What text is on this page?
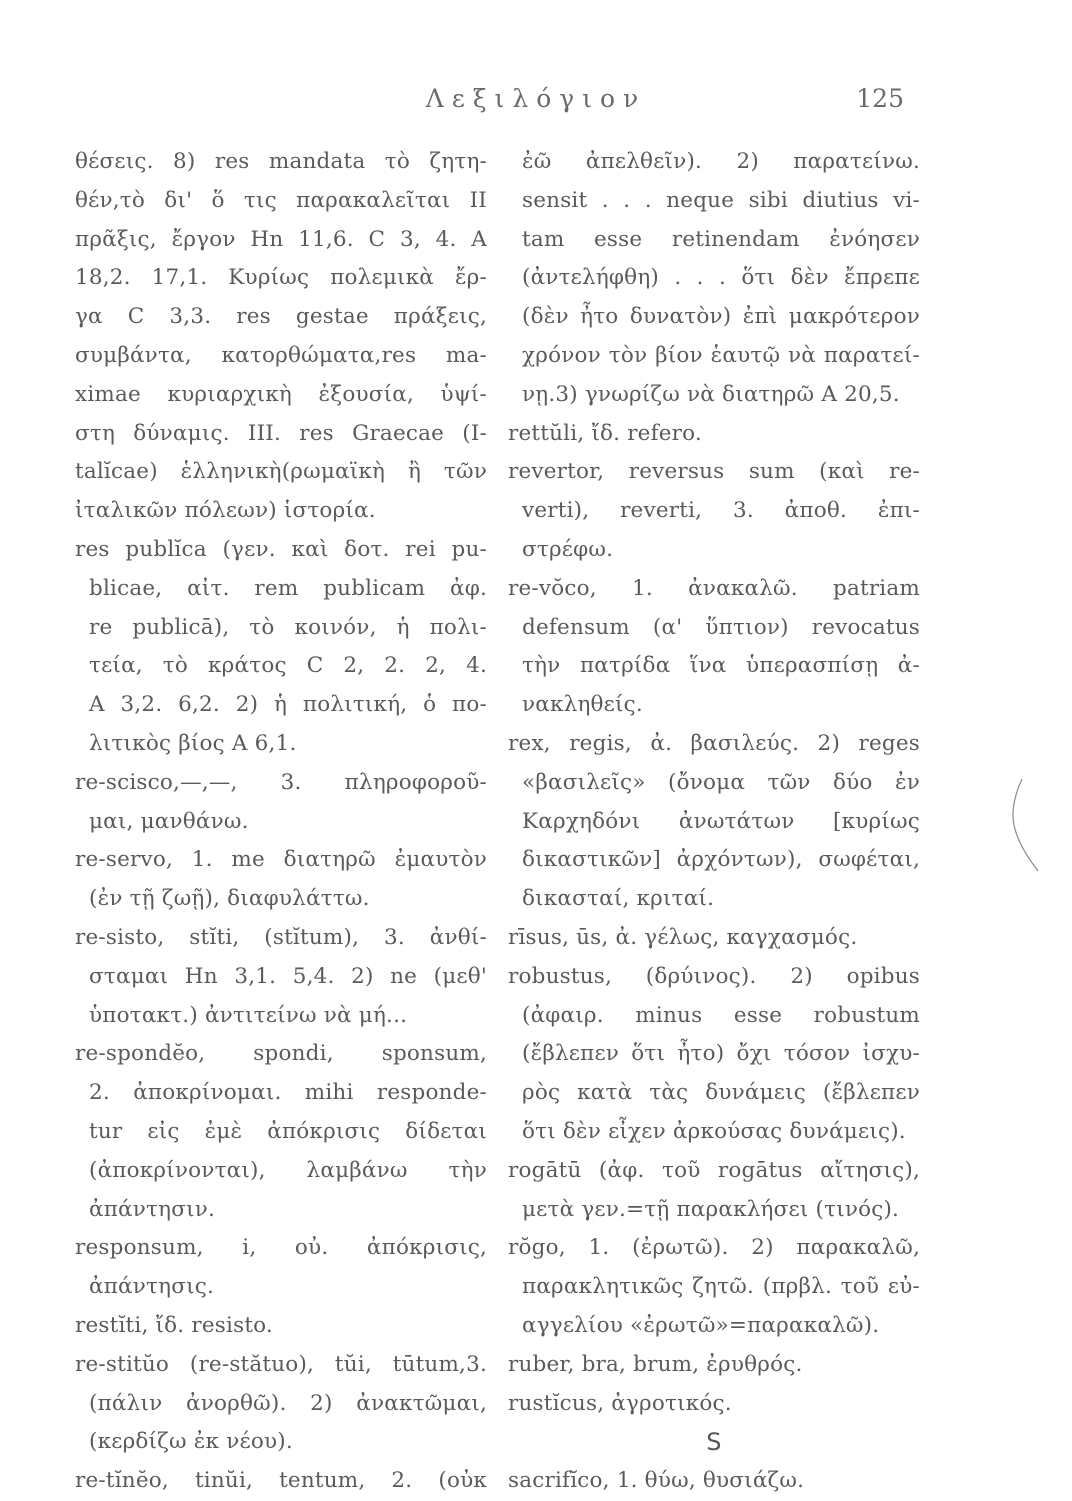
Λεξιλόγιον	125
θέσεις. 8) res mandata τὸ ζητη-
θέν,τὸ δι' ὅ τις παρακαλεῖται II
πρᾶξις, ἔργον Hn 11,6. C 3, 4. A
18,2. 17,1. Κυρίως πολεμικὰ ἔρ-
γα C 3,3. res gestae πράξεις,
συμβάντα, κατορθώματα,res ma-
ximae κυριαρχικὴ ἐξουσία, ὑψί-
στη δύναμις. III. res Graecae (I-
talĭcae) ἑλληνικὴ(ρωμαϊκὴ ἢ τῶν
ἰταλικῶν πόλεων) ἱστορία.
res publĭca (γεν. καὶ δοτ. rei pu-
blicae, αἰτ. rem publicam ἀφ.
re publicā), τὸ κοινόν, ἡ πολι-
τεία, τὸ κράτος C 2, 2. 2, 4.
A 3,2. 6,2. 2) ἡ πολιτική, ὁ πο-
λιτικὸς βίος A 6,1.
re-scisco,—,—, 3. πληροφοροῦ-
μαι, μανθάνω.
re-servo, 1. me διατηρῶ ἐμαυτὸν
(ἐν τῇ ζωῇ), διαφυλάττω.
re-sisto, stĭti, (stĭtum), 3. ἀνθί-
σταμαι Hn 3,1. 5,4. 2) ne (μεθ'
ὑποτακτ.) ἀντιτείνω νὰ μή...
re-spondĕo, spondi, sponsum,
2. ἀποκρίνομαι. mihi responde-
tur εἰς ἐμὲ ἀπόκρισις δίδεται
(ἀποκρίνονται), λαμβάνω τὴν
ἀπάντησιν.
responsum, i, οὐ. ἀπόκρισις,
ἀπάντησις.
restĭti, ἴδ. resisto.
re-stitŭo (re-stătuo), tŭi, tūtum,3.
(πάλιν ἀνορθῶ). 2) ἀνακτῶμαι,
(κερδίζω ἐκ νέου).
re-tĭnĕo, tinŭi, tentum, 2. (οὐκ
ἐῶ ἀπελθεῖν). 2) παρατείνω.
sensit . . . neque sibi diutius vi-
tam esse retinendam ἐνόησεν
(ἀντελήφθη) . . . ὅτι δὲν ἔπρεπε
(δὲν ἦτο δυνατὸν) ἐπὶ μακρότερον
χρόνον τὸν βίον ἑαυτῷ νὰ παρατεί-
νῃ.3) γνωρίζω νὰ διατηρῶ A 20,5.
rettŭli, ἴδ. refero.
revertor, reversus sum (καὶ re-
verti), reverti, 3. ἀποθ. ἐπι-
στρέφω.
re-vŏco, 1. ἀνακαλῶ. patriam
defensum (α' ὕπτιον) revocatus
τὴν πατρίδα ἵνα ὑπερασπίσῃ ἀ-
νακληθείς.
rex, regis, ἀ. βασιλεύς. 2) reges
«βασιλεῖς» (ὄνομα τῶν δύο ἐν
Καρχηδόνι ἀνωτάτων [κυρίως
δικαστικῶν] ἀρχόντων), σωφέται,
δικασταί, κριταί.
rīsus, ūs, ἀ. γέλως, καγχασμός.
robustus, (δρύινος). 2) opibus
(ἀφαιρ. minus esse robustum
(ἔβλεπεν ὅτι ἦτο) ὄχι τόσον ἰσχυ-
ρὸς κατὰ τὰς δυνάμεις (ἔβλεπεν
ὅτι δὲν εἶχεν ἀρκούσας δυνάμεις).
rogātū (ἀφ. τοῦ rogātus αἴτησις),
μετὰ γεν.=τῇ παρακλήσει (τινός).
rŏgo, 1. (ἐρωτῶ). 2) παρακαλῶ,
παρακλητικῶς ζητῶ. (πρβλ. τοῦ εὐ-
αγγελίου «ἐρωτῶ»=παρακαλῶ).
ruber, bra, brum, ἐρυθρός.
rustĭcus, ἀγροτικός.
S
sacrifĭco, 1. θύω, θυσιάζω.
